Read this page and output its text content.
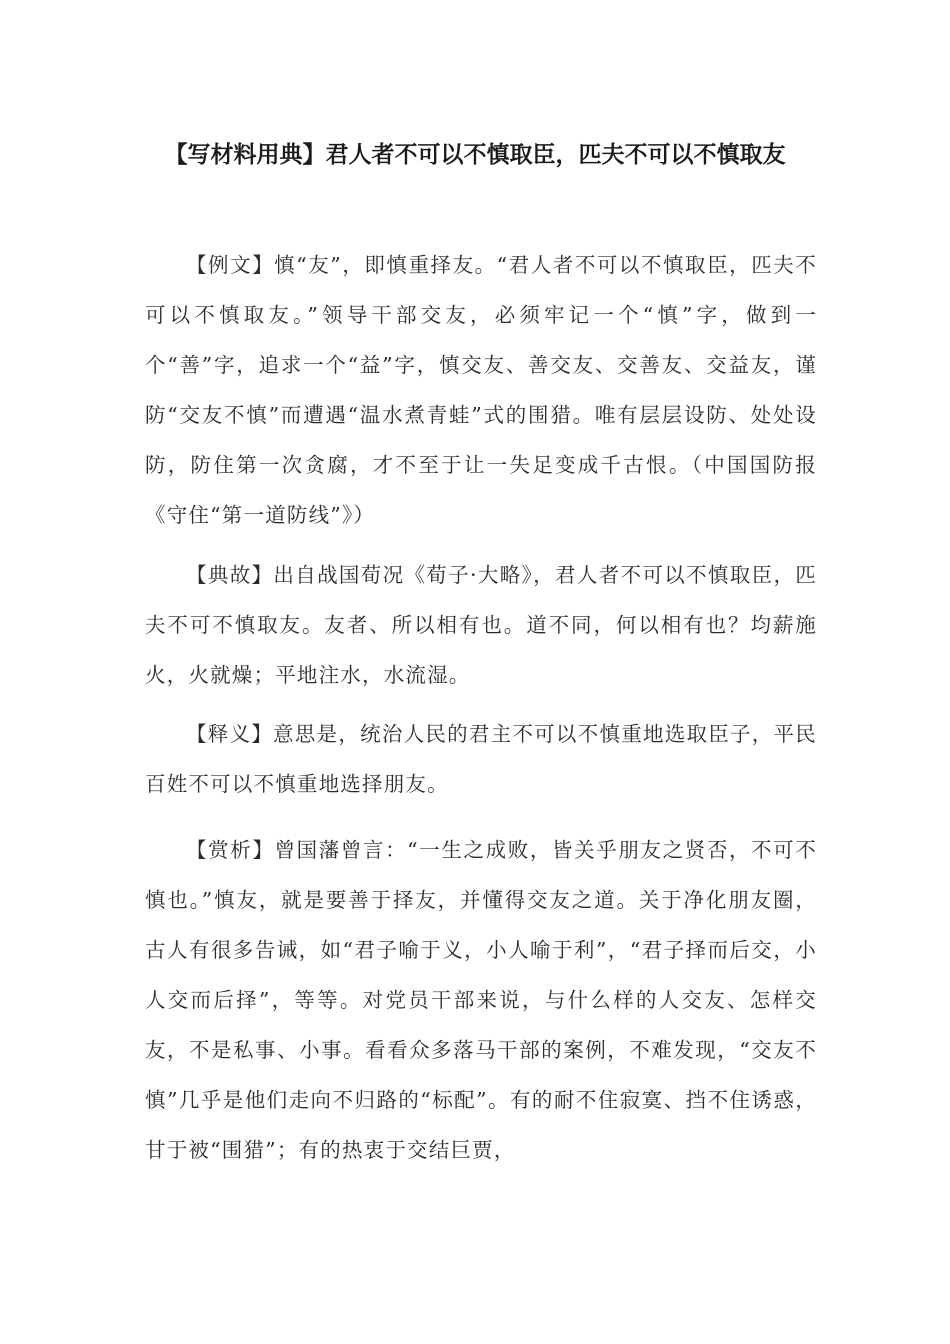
【写材料用典】君人者不可以不慎取臣，匹夫不可以不慎取友

【例文】慎“友”，即慎重择友。“君人者不可以不慎取臣，匹夫不可以不慎取友。”领导干部交友，必须牢记一个“慎”字，做到一个“善”字，追求一个“益”字，慎交友、善交友、交善友、交益友，谨防“交友不慎”而遭遇“温水煮青蛙”式的围猎。唯有层层设防、处处设防，防住第一次贪腐，才不至于让一失足变成千古恨。（中国国防报《守住“第一道防线”》）

【典故】出自战国荀况《荀子·大略》，君人者不可以不慎取臣，匹夫不可不慎取友。友者、所以相有也。道不同，何以相有也？均薪施火，火就燥；平地注水，水流湿。

【释义】意思是，统治人民的君主不可以不慎重地选取臣子，平民百姓不可以不慎重地选择朋友。

【赏析】曾国藩曾言：“一生之成败，皆关乎朋友之贤否，不可不慎也。”慎友，就是要善于择友，并懂得交友之道。关于净化朋友圈，古人有很多告诫，如“君子喻于义，小人喻于利”，“君子择而后交，小人交而后择”，等等。对党员干部来说，与什么样的人交友、怎样交友，不是私事、小事。看看众多落马干部的案例，不难发现，“交友不慎”几乎是他们走向不归路的“标配”。有的耐不住寂寞、挡不住诱惑，甘于被“围猎”；有的热衷于交结巨贾，
